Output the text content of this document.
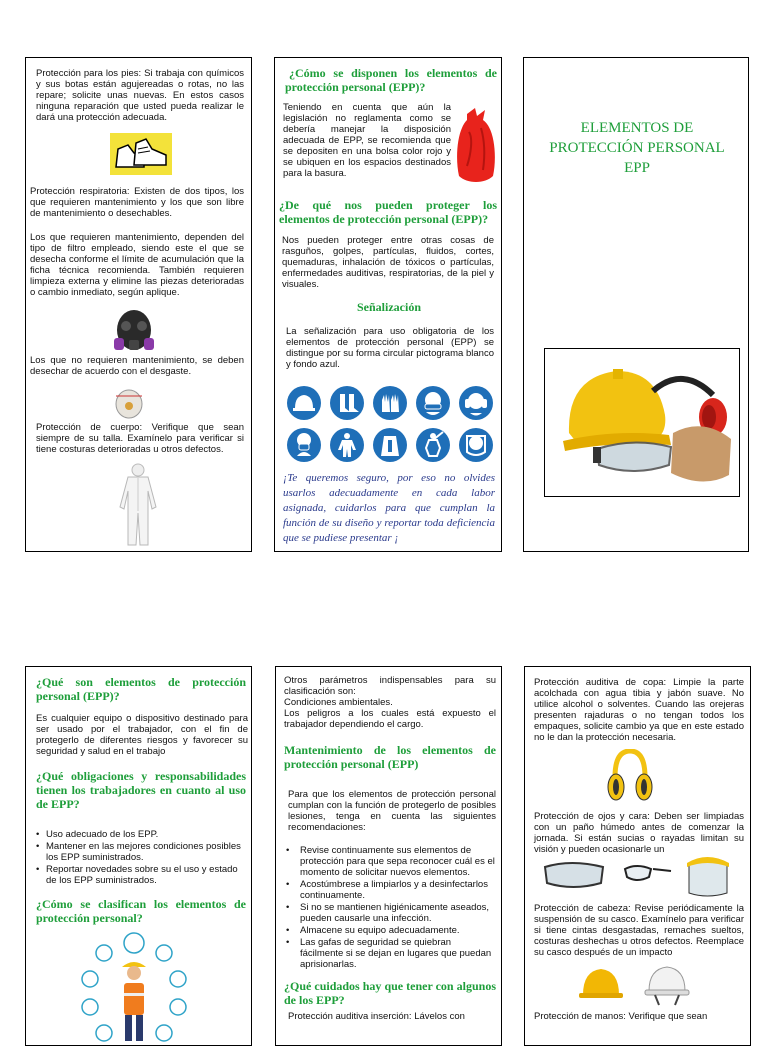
Protección para los pies: Si trabaja con químicos y sus botas están agujereadas o rotas, no las repare; solicite unas nuevas. En estos casos ninguna reparación que usted pueda realizar le dará una protección adecuada.

Protección respiratoria: Existen de dos tipos, los que requieren mantenimiento y los que son libre de mantenimiento o desechables.

Los que requieren mantenimiento, dependen del tipo de filtro empleado, siendo este el que se desecha conforme el límite de acumulación que la ficha técnica recomienda. También requieren limpieza externa y elimine las piezas deterioradas o cambio inmediato, según aplique.

Los que no requieren mantenimiento, se deben desechar de acuerdo con el desgaste.

Protección de cuerpo: Verifique que sean siempre de su talla. Examínelo para verificar si tiene costuras deterioradas u otros defectos.

¿Cómo se disponen los elementos de protección personal (EPP)?

Teniendo en cuenta que aún la legislación no reglamenta como se debería manejar la disposición adecuada de EPP, se recomienda que se depositen en una bolsa color rojo y se ubiquen en los espacios destinados para la basura.

¿De qué nos pueden proteger los elementos de protección personal (EPP)?

Nos pueden proteger entre otras cosas de rasguños, golpes, partículas, fluidos, cortes, quemaduras, inhalación de tóxicos o partículas, enfermedades auditivas, respiratorias, de la piel y visuales.

Señalización

La señalización para uso obligatoria de los elementos de protección personal (EPP) se distingue por su forma circular pictograma blanco y fondo azul.

¡Te queremos seguro, por eso no olvides usarlos adecuadamente en cada labor asignada, cuidarlos para que cumplan la función de su diseño y reportar toda deficiencia que se pudiese presentar ¡

ELEMENTOS DE PROTECCIÓN PERSONAL EPP

¿Qué son elementos de protección personal (EPP)?

Es cualquier equipo o dispositivo destinado para ser usado por el trabajador, con el fin de protegerlo de diferentes riesgos y favorecer su seguridad y salud en el trabajo

¿Qué obligaciones y responsabilidades tienen los trabajadores en cuanto al uso de EPP?

• Uso adecuado de los EPP.
• Mantener en las mejores condiciones posibles los EPP suministrados.
• Reportar novedades sobre su el uso y estado de los EPP suministrados.

¿Cómo se clasifican los elementos de protección personal?

Otros parámetros indispensables para su clasificación son:

Condiciones ambientales.

Los peligros a los cuales está expuesto el trabajador dependiendo el cargo.

Mantenimiento de los elementos de protección personal (EPP)

Para que los elementos de protección personal cumplan con la función de protegerlo de posibles lesiones, tenga en cuenta las siguientes recomendaciones:

• Revise continuamente sus elementos de protección para que sepa reconocer cuál es el momento de solicitar nuevos elementos.
• Acostúmbrese a limpiarlos y a desinfectarlos continuamente.
• Si no se mantienen higiénicamente aseados, pueden causarle una infección.
• Almacene su equipo adecuadamente.
• Las gafas de seguridad se quiebran fácilmente si se dejan en lugares que puedan aprisionarlas.

¿Qué cuidados hay que tener con algunos de los EPP?

Protección auditiva inserción: Lávelos con

Protección auditiva de copa: Limpie la parte acolchada con agua tibia y jabón suave. No utilice alcohol o solventes. Cuando las orejeras presenten rajaduras o no tengan todos los empaques, solicite cambio ya que en este estado no le dan la protección necesaria.

Protección de ojos y cara: Deben ser limpiadas con un paño húmedo antes de comenzar la jornada. Si están sucias o rayadas limitan su visión y pueden ocasionarle un

Protección de cabeza: Revise periódicamente la suspensión de su casco. Examínelo para verificar si tiene cintas desgastadas, remaches sueltos, costuras deshechas u otros defectos. Reemplace su casco después de un impacto

Protección de manos: Verifique que sean
